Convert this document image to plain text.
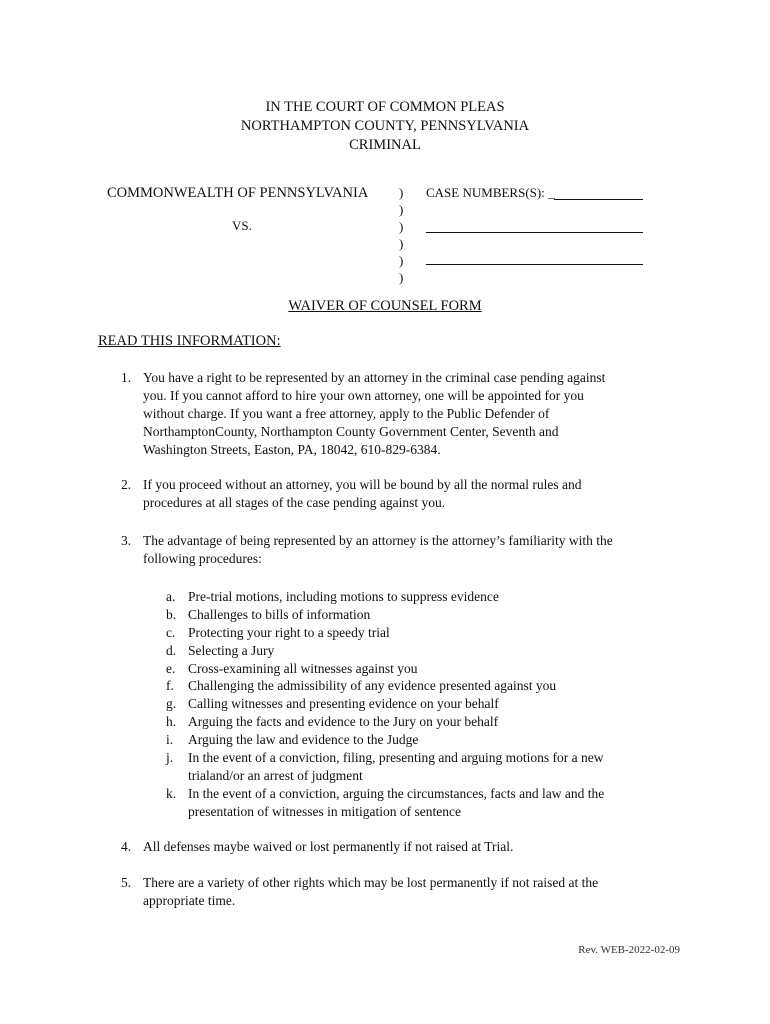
IN THE COURT OF COMMON PLEAS
NORTHAMPTON COUNTY, PENNSYLVANIA
CRIMINAL
COMMONWEALTH OF PENNSYLVANIA
VS.
)
)
)
)
)
)
CASE NUMBERS(S): _
WAIVER OF COUNSEL FORM
READ THIS INFORMATION:
1. You have a right to be represented by an attorney in the criminal case pending against
you. If you cannot afford to hire your own attorney, one will be appointed for you
without charge. If you want a free attorney, apply to the Public Defender of
NorthamptonCounty, Northampton County Government Center, Seventh and
Washington Streets, Easton, PA, 18042, 610-829-6384.
2. If you proceed without an attorney, you will be bound by all the normal rules and
procedures at all stages of the case pending against you.
3. The advantage of being represented by an attorney is the attorney’s familiarity with the
following procedures:
a. Pre-trial motions, including motions to suppress evidence
b. Challenges to bills of information
c. Protecting your right to a speedy trial
d. Selecting a Jury
e. Cross-examining all witnesses against you
f. Challenging the admissibility of any evidence presented against you
g. Calling witnesses and presenting evidence on your behalf
h. Arguing the facts and evidence to the Jury on your behalf
i. Arguing the law and evidence to the Judge
j. In the event of a conviction, filing, presenting and arguing motions for a new
trialand/or an arrest of judgment
k. In the event of a conviction, arguing the circumstances, facts and law and the
presentation of witnesses in mitigation of sentence
4. All defenses maybe waived or lost permanently if not raised at Trial.
5. There are a variety of other rights which may be lost permanently if not raised at the
appropriate time.
Rev. WEB-2022-02-09
